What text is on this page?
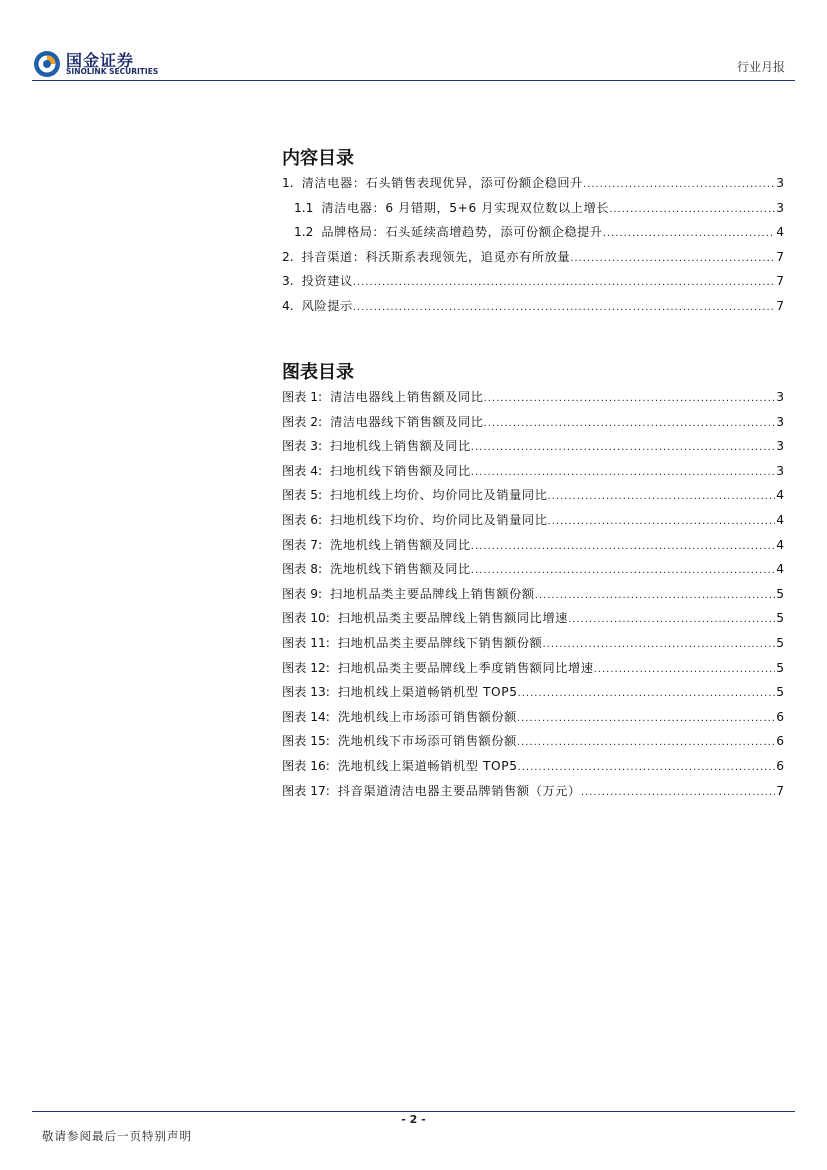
国金证券
SINOLINK SECURITIES	行业月报
内容目录
1. 清洁电器：石头销售表现优异，添可份额企稳回升 .....	3
1.1 清洁电器：6 月错期，5+6 月实现双位数以上增长 .....	3
1.2 品牌格局：石头延续高增趋势，添可份额企稳提升 .....	4
2. 抖音渠道：科沃斯系表现领先，追觅亦有所放量 .....	7
3. 投资建议 .....	7
4. 风险提示 .....	7
图表目录
图表 1: 清洁电器线上销售额及同比 .....	3
图表 2: 清洁电器线下销售额及同比 .....	3
图表 3: 扫地机线上销售额及同比 .....	3
图表 4: 扫地机线下销售额及同比 .....	3
图表 5: 扫地机线上均价、均价同比及销量同比 .....	4
图表 6: 扫地机线下均价、均价同比及销量同比 .....	4
图表 7: 洗地机线上销售额及同比 .....	4
图表 8: 洗地机线下销售额及同比 .....	4
图表 9: 扫地机品类主要品牌线上销售额份额 .....	5
图表 10: 扫地机品类主要品牌线上销售额同比增速 .....	5
图表 11: 扫地机品类主要品牌线下销售额份额 .....	5
图表 12: 扫地机品类主要品牌线上季度销售额同比增速 .....	5
图表 13: 扫地机线上渠道畅销机型 TOP5 .....	5
图表 14: 洗地机线上市场添可销售额份额 .....	6
图表 15: 洗地机线下市场添可销售额份额 .....	6
图表 16: 洗地机线上渠道畅销机型 TOP5 .....	6
图表 17: 抖音渠道清洁电器主要品牌销售额（万元） .....	7
- 2 -
敬请参阅最后一页特别声明
